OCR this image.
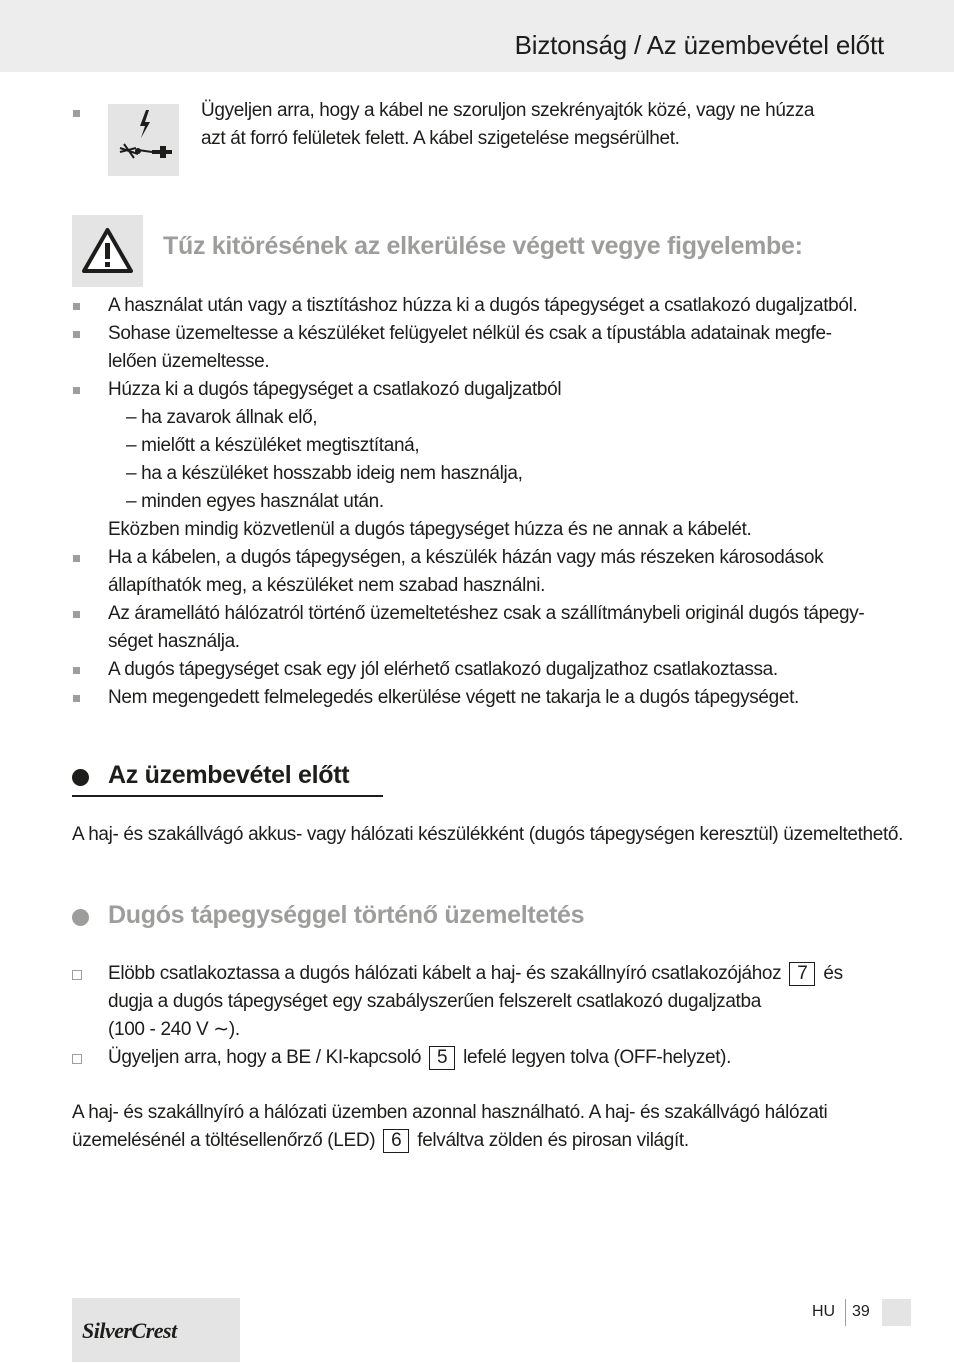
Biztonság / Az üzembevétel előtt
Ügyeljen arra, hogy a kábel ne szoruljon szekrényajtók közé, vagy ne húzza
azt át forró felületek felett. A kábel szigetelése megsérülhet.
Tűz kitörésének az elkerülése végett vegye figyelembe:
A használat után vagy a tisztításhoz húzza ki a dugós tápegységet a csatlakozó dugaljzatból.
Sohase üzemeltesse a készüléket felügyelet nélkül és csak a típustábla adatainak megfe-
lelően üzemeltesse.
Húzza ki a dugós tápegységet a csatlakozó dugaljzatból
– ha zavarok állnak elő,
– mielőtt a készüléket megtisztítaná,
– ha a készüléket hosszabb ideig nem használja,
– minden egyes használat után.
Eközben mindig közvetlenül a dugós tápegységet húzza és ne annak a kábelét.
Ha a kábelen, a dugós tápegységen, a készülék házán vagy más részeken károsodások
állapíthatók meg, a készüléket nem szabad használni.
Az áramellátó hálózatról történő üzemeltetéshez csak a szállítmánybeli originál dugós tápegy-
séget használja.
A dugós tápegységet csak egy jól elérhető csatlakozó dugaljzathoz csatlakoztassa.
Nem megengedett felmelegedés elkerülése végett ne takarja le a dugós tápegységet.
Az üzembevétel előtt
A haj- és szakállvágó akkus- vagy hálózati készülékként (dugós tápegységen keresztül) üzemeltethető.
Dugós tápegységgel történő üzemeltetés
Elöbb csatlakoztassa a dugós hálózati kábelt a haj- és szakállnyíró csatlakozójához 7 és
dugja a dugós tápegységet egy szabályszerűen felszerelt csatlakozó dugaljzatba
(100 - 240 V ∼).
Ügyeljen arra, hogy a BE / KI-kapcsoló 5 lefelé legyen tolva (OFF-helyzet).
A haj- és szakállnyíró a hálózati üzemben azonnal használható. A haj- és szakállvágó hálózati
üzemelésénél a töltésellenőrző (LED) 6 felváltva zölden és pirosan világít.
SilverCrest
HU 39
